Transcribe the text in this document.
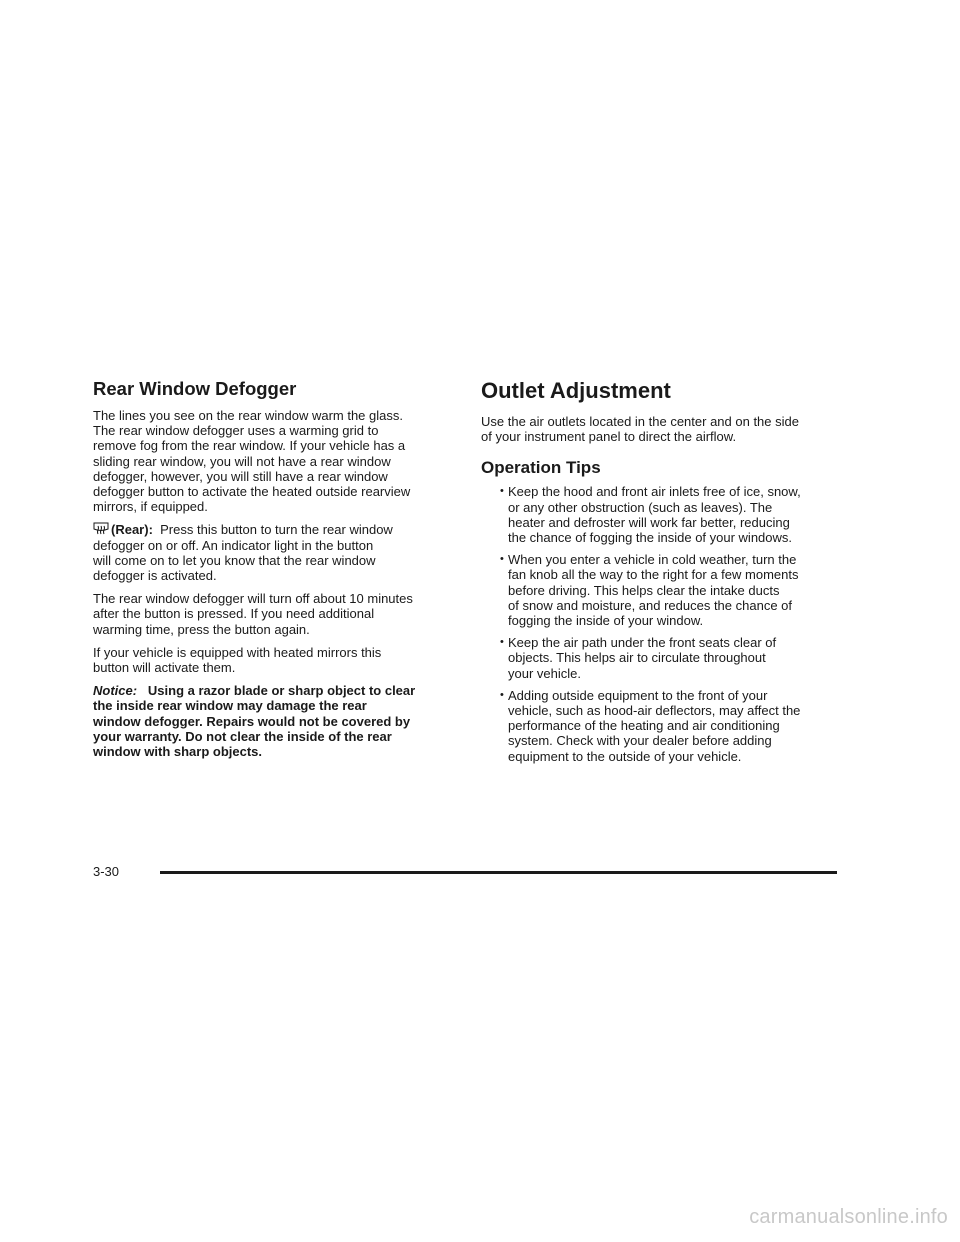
Rear Window Defogger

The lines you see on the rear window warm the glass.
The rear window defogger uses a warming grid to
remove fog from the rear window. If your vehicle has a
sliding rear window, you will not have a rear window
defogger, however, you will still have a rear window
defogger button to activate the heated outside rearview
mirrors, if equipped.

(Rear): Press this button to turn the rear window
defogger on or off. An indicator light in the button
will come on to let you know that the rear window
defogger is activated.

The rear window defogger will turn off about 10 minutes
after the button is pressed. If you need additional
warming time, press the button again.

If your vehicle is equipped with heated mirrors this
button will activate them.

Notice: Using a razor blade or sharp object to clear
the inside rear window may damage the rear
window defogger. Repairs would not be covered by
your warranty. Do not clear the inside of the rear
window with sharp objects.

Outlet Adjustment

Use the air outlets located in the center and on the side
of your instrument panel to direct the airflow.

Operation Tips
• Keep the hood and front air inlets free of ice, snow,
or any other obstruction (such as leaves). The
heater and defroster will work far better, reducing
the chance of fogging the inside of your windows.
• When you enter a vehicle in cold weather, turn the
fan knob all the way to the right for a few moments
before driving. This helps clear the intake ducts
of snow and moisture, and reduces the chance of
fogging the inside of your window.
• Keep the air path under the front seats clear of
objects. This helps air to circulate throughout
your vehicle.
• Adding outside equipment to the front of your
vehicle, such as hood-air deflectors, may affect the
performance of the heating and air conditioning
system. Check with your dealer before adding
equipment to the outside of your vehicle.
3-30
carmanualsonline.info
